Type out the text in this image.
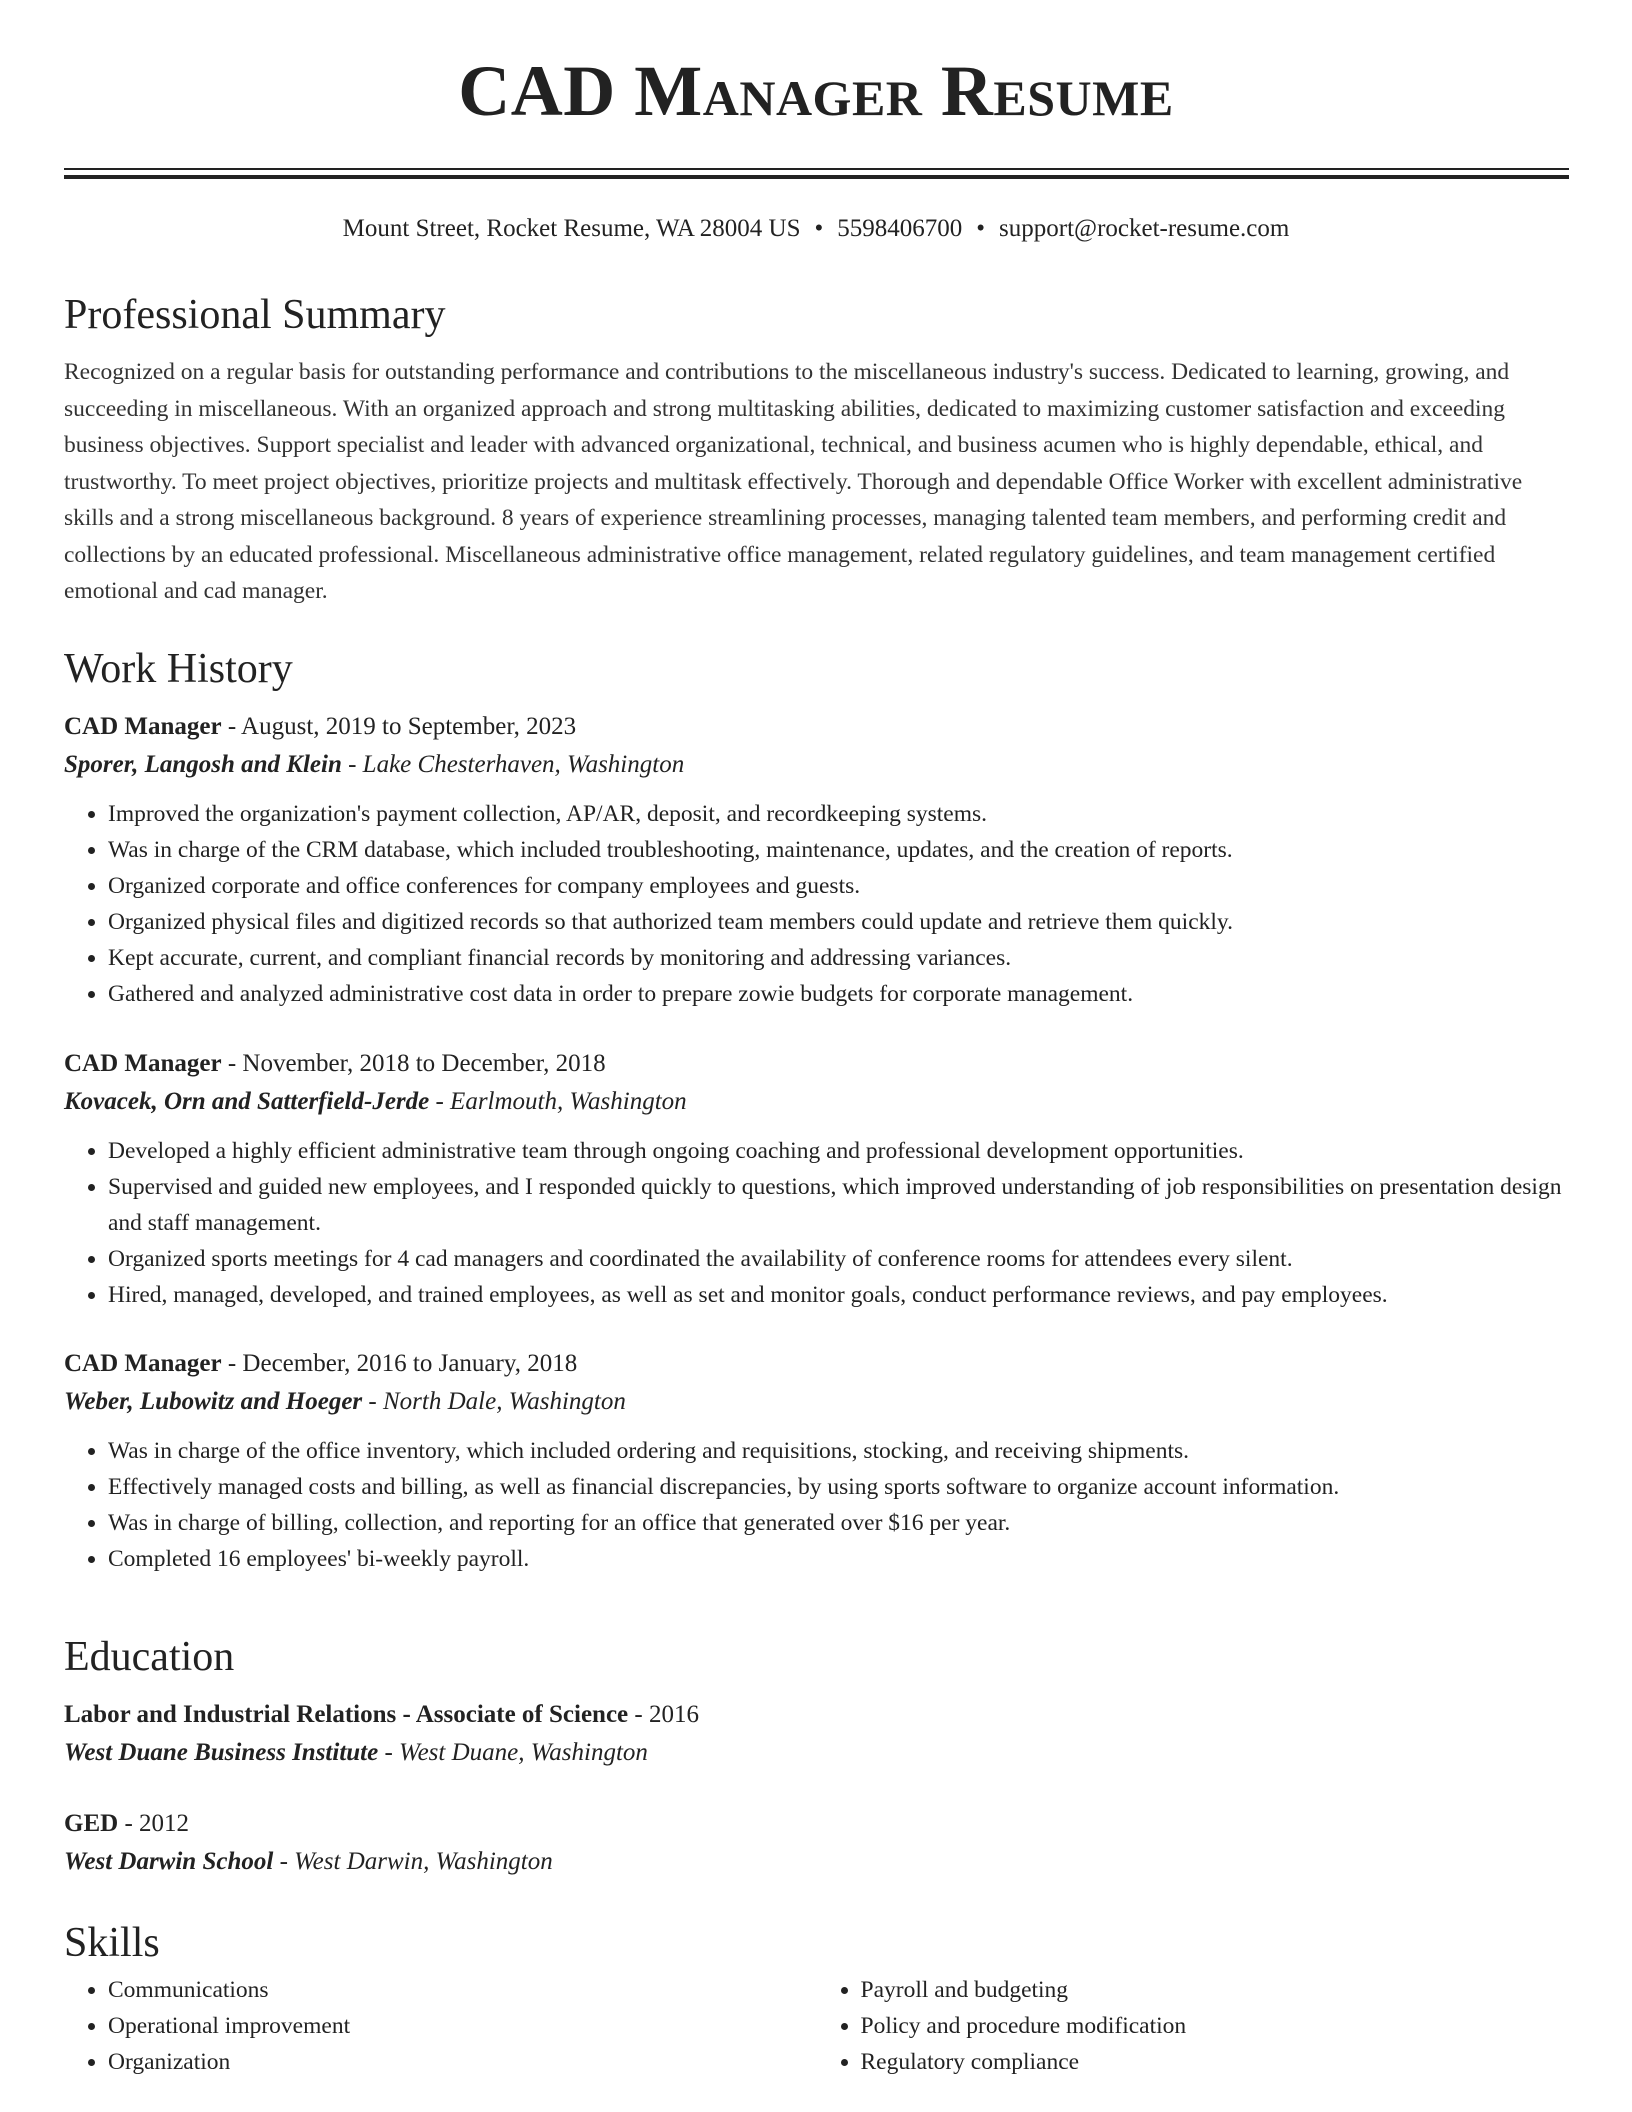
CAD Manager Resume
Mount Street, Rocket Resume, WA 28004 US • 5598406700 • support@rocket-resume.com
Professional Summary

Recognized on a regular basis for outstanding performance and contributions to the miscellaneous industry's success. Dedicated to learning, growing, and succeeding in miscellaneous. With an organized approach and strong multitasking abilities, dedicated to maximizing customer satisfaction and exceeding business objectives. Support specialist and leader with advanced organizational, technical, and business acumen who is highly dependable, ethical, and trustworthy. To meet project objectives, prioritize projects and multitask effectively. Thorough and dependable Office Worker with excellent administrative skills and a strong miscellaneous background. 8 years of experience streamlining processes, managing talented team members, and performing credit and collections by an educated professional. Miscellaneous administrative office management, related regulatory guidelines, and team management certified emotional and cad manager.

Work History
CAD Manager - August, 2019 to September, 2023
Sporer, Langosh and Klein - Lake Chesterhaven, Washington
• Improved the organization's payment collection, AP/AR, deposit, and recordkeeping systems.
• Was in charge of the CRM database, which included troubleshooting, maintenance, updates, and the creation of reports.
• Organized corporate and office conferences for company employees and guests.
• Organized physical files and digitized records so that authorized team members could update and retrieve them quickly.
• Kept accurate, current, and compliant financial records by monitoring and addressing variances.
• Gathered and analyzed administrative cost data in order to prepare zowie budgets for corporate management.
CAD Manager - November, 2018 to December, 2018
Kovacek, Orn and Satterfield-Jerde - Earlmouth, Washington
• Developed a highly efficient administrative team through ongoing coaching and professional development opportunities.
• Supervised and guided new employees, and I responded quickly to questions, which improved understanding of job responsibilities on presentation design and staff management.
• Organized sports meetings for 4 cad managers and coordinated the availability of conference rooms for attendees every silent.
• Hired, managed, developed, and trained employees, as well as set and monitor goals, conduct performance reviews, and pay employees.
CAD Manager - December, 2016 to January, 2018
Weber, Lubowitz and Hoeger - North Dale, Washington
• Was in charge of the office inventory, which included ordering and requisitions, stocking, and receiving shipments.
• Effectively managed costs and billing, as well as financial discrepancies, by using sports software to organize account information.
• Was in charge of billing, collection, and reporting for an office that generated over $16 per year.
• Completed 16 employees' bi-weekly payroll.
Education
Labor and Industrial Relations - Associate of Science - 2016
West Duane Business Institute - West Duane, Washington
GED - 2012
West Darwin School - West Darwin, Washington
Skills
• Communications
• Operational improvement
• Organization
• Payroll and budgeting
• Policy and procedure modification
• Regulatory compliance
